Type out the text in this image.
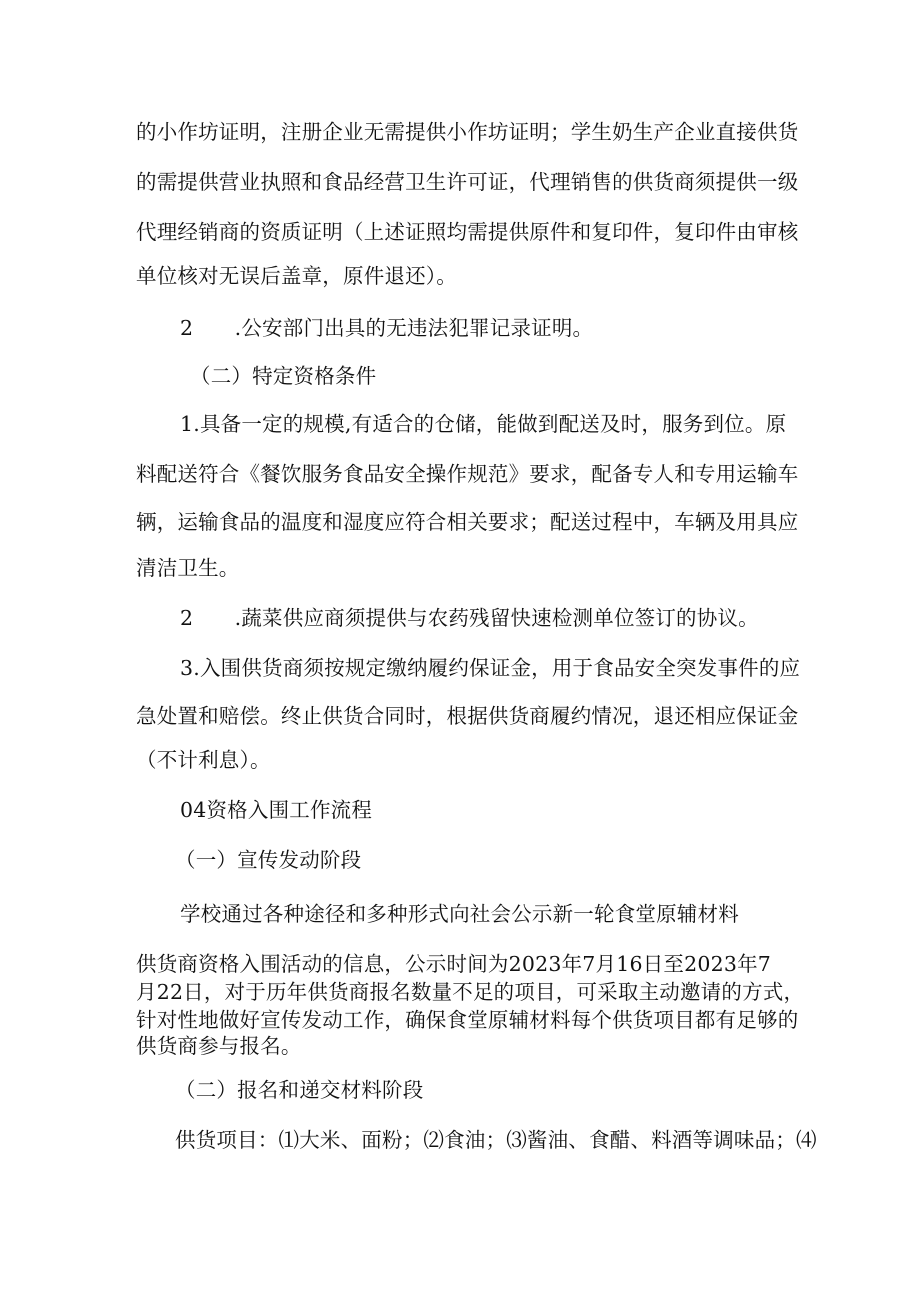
的小作坊证明，注册企业无需提供小作坊证明；学生奶生产企业直接供货
的需提供营业执照和食品经营卫生许可证，代理销售的供货商须提供一级
代理经销商的资质证明（上述证照均需提供原件和复印件，复印件由审核
单位核对无误后盖章，原件退还）。
2　　.公安部门出具的无违法犯罪记录证明。
（二）特定资格条件
1.具备一定的规模,有适合的仓储，能做到配送及时，服务到位。原
料配送符合《餐饮服务食品安全操作规范》要求，配备专人和专用运输车
辆，运输食品的温度和湿度应符合相关要求；配送过程中，车辆及用具应
清洁卫生。
2　　.蔬菜供应商须提供与农药残留快速检测单位签订的协议。
3.入围供货商须按规定缴纳履约保证金，用于食品安全突发事件的应
急处置和赔偿。终止供货合同时，根据供货商履约情况，退还相应保证金
（不计利息）。
04资格入围工作流程
（一）宣传发动阶段
学校通过各种途径和多种形式向社会公示新一轮食堂原辅材料
供货商资格入围活动的信息，公示时间为2023年7月16日至2023年7
月22日，对于历年供货商报名数量不足的项目，可采取主动邀请的方式，
针对性地做好宣传发动工作，确保食堂原辅材料每个供货项目都有足够的
供货商参与报名。
（二）报名和递交材料阶段
供货项目：⑴大米、面粉；⑵食油；⑶酱油、食醋、料酒等调味品；⑷
